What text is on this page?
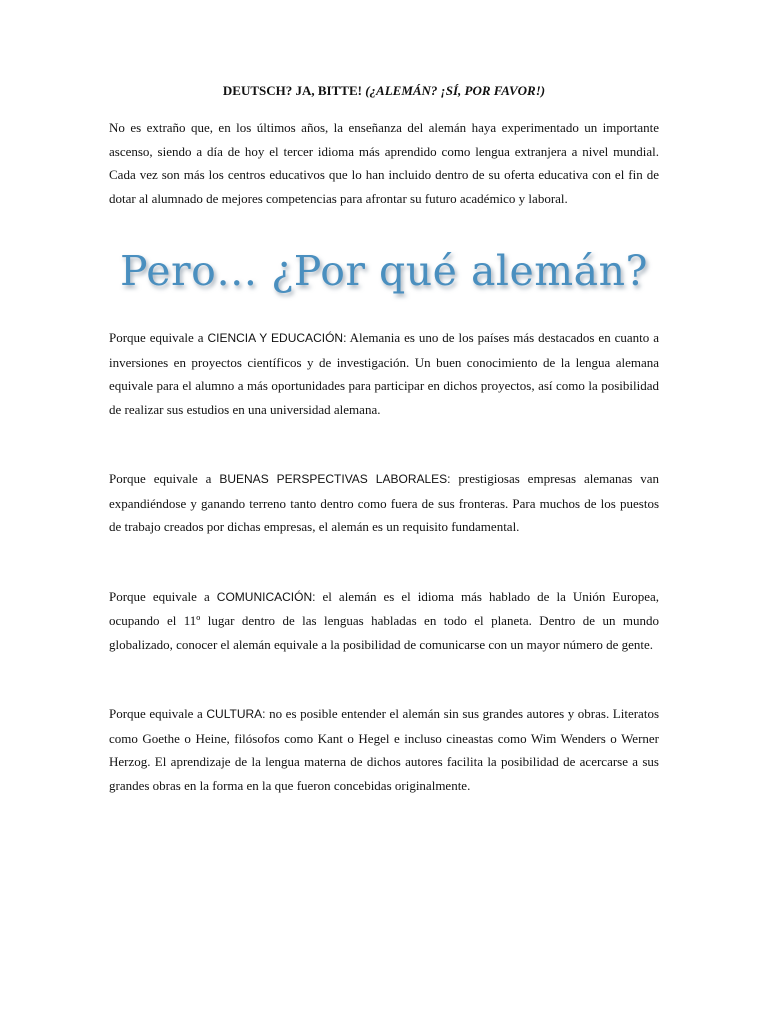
DEUTSCH? JA, BITTE! (¿ALEMÁN? ¡SÍ, POR FAVOR!)

No es extraño que, en los últimos años, la enseñanza del alemán haya experimentado un importante ascenso, siendo a día de hoy el tercer idioma más aprendido como lengua extranjera a nivel mundial. Cada vez son más los centros educativos que lo han incluido dentro de su oferta educativa con el fin de dotar al alumnado de mejores competencias para afrontar su futuro académico y laboral.

Pero… ¿Por qué alemán?

Porque equivale a CIENCIA Y EDUCACIÓN: Alemania es uno de los países más destacados en cuanto a inversiones en proyectos científicos y de investigación. Un buen conocimiento de la lengua alemana equivale para el alumno a más oportunidades para participar en dichos proyectos, así como la posibilidad de realizar sus estudios en una universidad alemana.

Porque equivale a BUENAS PERSPECTIVAS LABORALES: prestigiosas empresas alemanas van expandiéndose y ganando terreno tanto dentro como fuera de sus fronteras. Para muchos de los puestos de trabajo creados por dichas empresas, el alemán es un requisito fundamental.

Porque equivale a COMUNICACIÓN: el alemán es el idioma más hablado de la Unión Europea, ocupando el 11º lugar dentro de las lenguas habladas en todo el planeta. Dentro de un mundo globalizado, conocer el alemán equivale a la posibilidad de comunicarse con un mayor número de gente.

Porque equivale a CULTURA: no es posible entender el alemán sin sus grandes autores y obras. Literatos como Goethe o Heine, filósofos como Kant o Hegel e incluso cineastas como Wim Wenders o Werner Herzog. El aprendizaje de la lengua materna de dichos autores facilita la posibilidad de acercarse a sus grandes obras en la forma en la que fueron concebidas originalmente.
